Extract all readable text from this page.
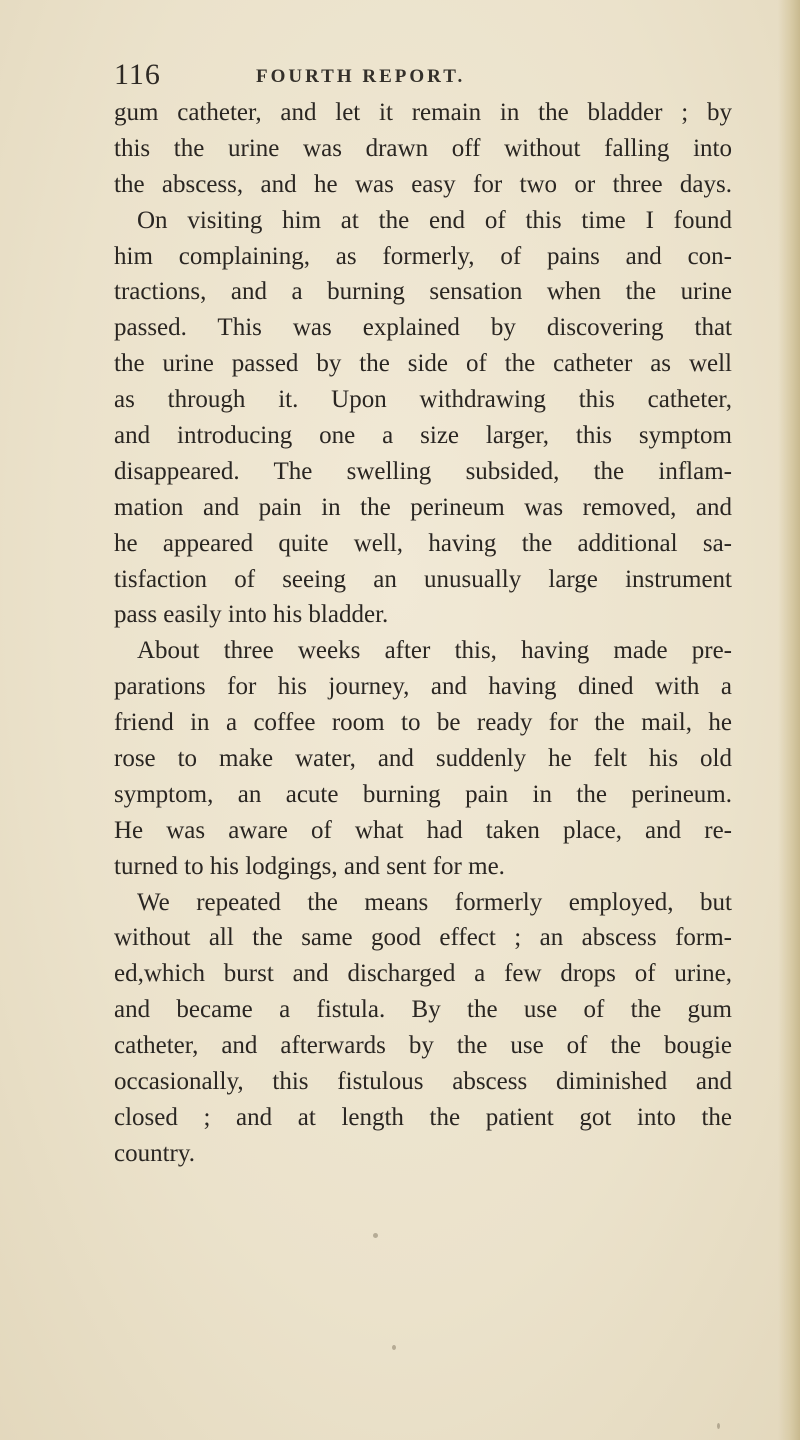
116	FOURTH REPORT.
gum catheter, and let it remain in the bladder ; by
this the urine was drawn off without falling into
the abscess, and he was easy for two or three days.
On visiting him at the end of this time I found
him complaining, as formerly, of pains and con-
tractions, and a burning sensation when the urine
passed. This was explained by discovering that
the urine passed by the side of the catheter as well
as through it. Upon withdrawing this catheter,
and introducing one a size larger, this symptom
disappeared. The swelling subsided, the inflam-
mation and pain in the perineum was removed, and
he appeared quite well, having the additional sa-
tisfaction of seeing an unusually large instrument
pass easily into his bladder.
About three weeks after this, having made pre-
parations for his journey, and having dined with a
friend in a coffee room to be ready for the mail, he
rose to make water, and suddenly he felt his old
symptom, an acute burning pain in the perineum.
He was aware of what had taken place, and re-
turned to his lodgings, and sent for me.
We repeated the means formerly employed, but
without all the same good effect ; an abscess form-
ed,which burst and discharged a few drops of urine,
and became a fistula. By the use of the gum
catheter, and afterwards by the use of the bougie
occasionally, this fistulous abscess diminished and
closed ; and at length the patient got into the
country.
